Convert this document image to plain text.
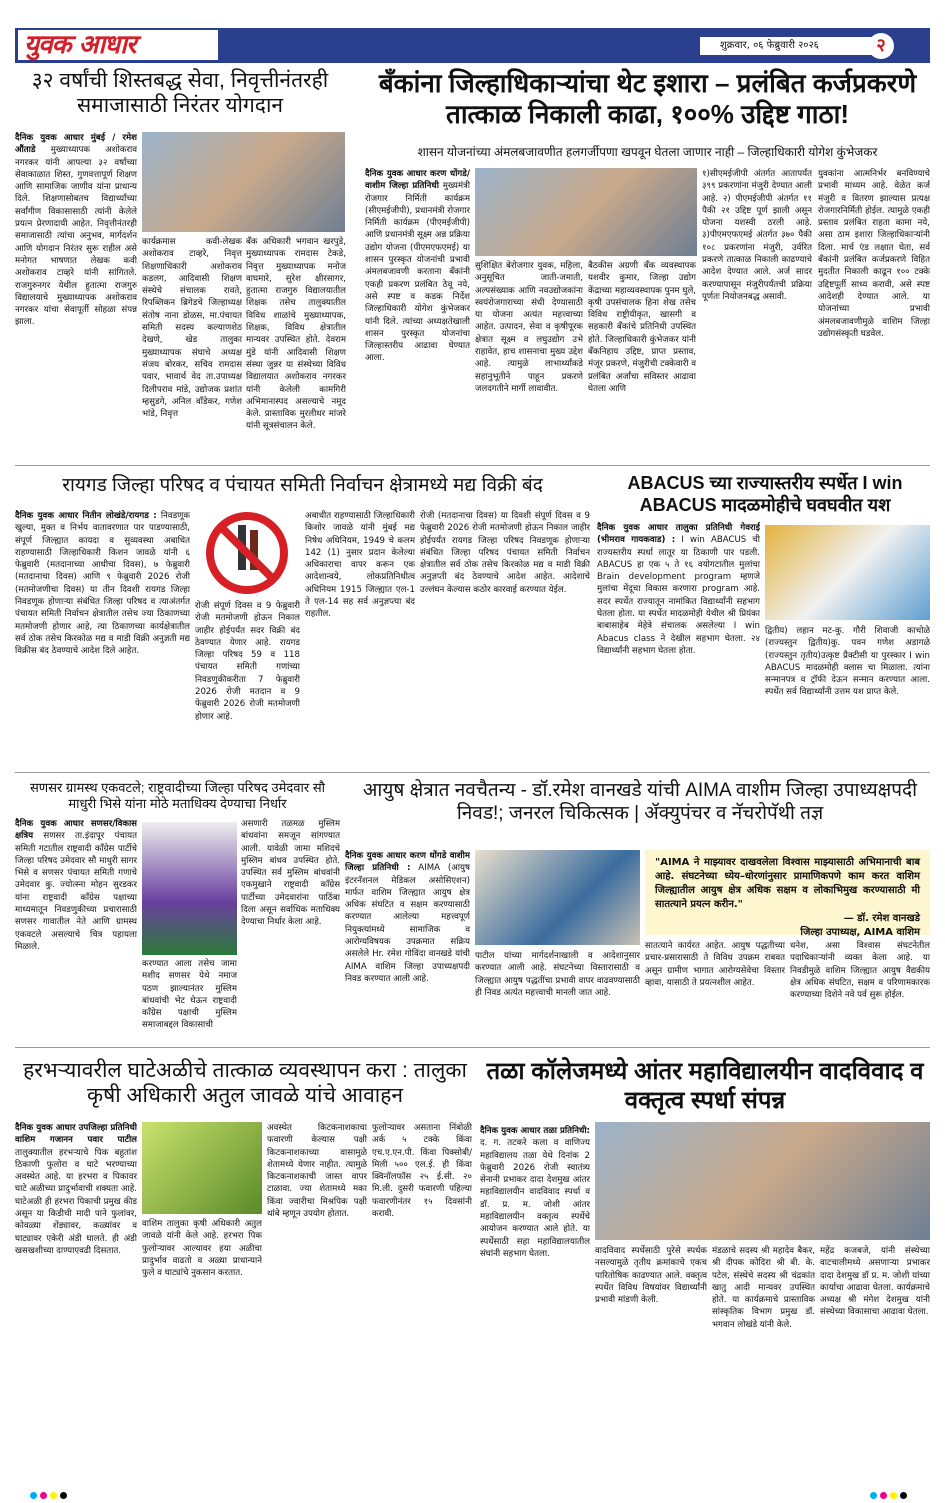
युवक आधार	शुक्रवार, ०६ फेब्रुवारी २०२६	२
३२ वर्षांची शिस्तबद्ध सेवा, निवृत्तीनंतरही समाजासाठी निरंतर योगदान
दैनिक युवक आधार मुंबई / रमेश औंताडे मुख्याध्यापक अशोकराव नगरकर यांनी आपल्या ३२ वर्षांच्या सेवाकाळात शिस्त, गुणवत्तापूर्ण शिक्षण आणि सामाजिक जाणीव यांना प्राधान्य दिले. शिक्षणासोबतच विद्यार्थ्यांच्या सर्वांगीण विकासासाठी त्यांनी केलेले प्रयत्न प्रेरणादायी आहेत. निवृत्तीनंतरही समाजासाठी त्यांचा अनुभव, मार्गदर्शन आणि योगदान निरंतर सुरू राहील असे मनोगत भाषणात लेखक कवी अशोकराव टाव्हरे यांनी सांगितले. राजगुरुनगर येथील हुतात्मा राजगुरु विद्यालयाचे मुख्याध्यापक अशोकराव नगरकर यांचा सेवापूर्ती सोहळा संपन्न झाला.
कार्यक्रमास कवी-लेखक अशोकराव टाव्हरे, निवृत्त शिक्षणाधिकारी अशोकराव कडलग, आदिवासी शिक्षण संस्थेचे संचालक रावते, रिपब्लिकन ब्रिगेडचे जिल्हाध्यक्ष संतोष नाना डोळस, मा.पंचायत समिती सदस्य कल्याणशेठ देखणे, खेड तालुका मुख्याध्यापक संघाचे अध्यक्ष संजय बोरकर, सचिव रामदास पवार, भावार्थ वेद ता.उपाध्यक्ष दिलीपराव मांडे, उद्योजक प्रशांत म्हसुडगे, अनिल वाँडेकर, गणेश भांडे, निवृत्त
बँक अधिकारी भगवान खरपुडे, मुख्याध्यापक रामदास टेकडे, निवृत्त मुख्याध्यापक मनोज वाघमारे, सुरेश क्षीरसागर, हुतात्मा राजगुरु विद्यालयातील शिक्षक तसेच तालुक्यातील विविध शाळांचे मुख्याध्यापक, शिक्षक, विविध क्षेत्रातील मान्यवर उपस्थित होते. देवराम मुंडे यांनी आदिवासी शिक्षण संस्था जुन्नर या संस्थेच्या विविध विद्यालयात अशोकराव नगरकर यांनी केलेली कामगिरी अभिमानास्पद असल्याचे नमूद केले. प्रास्ताविक मुरलीधर मांजरे यांनी सूत्रसंचालन केले.
बँकांना जिल्हाधिकाऱ्यांचा थेट इशारा – प्रलंबित कर्जप्रकरणे तात्काळ निकाली काढा, १००% उद्दिष्ट गाठा!
शासन योजनांच्या अंमलबजावणीत हलगर्जीपणा खपवून घेतला जाणार नाही – जिल्हाधिकारी योगेश कुंभेजकर
दैनिक युवक आधार करण धोंगडे/वाशीम जिल्हा प्रतिनिधी मुख्यमंत्री रोजगार निर्मिती कार्यक्रम (सीएमईजीपी), प्रधानमंत्री रोजगार निर्मिती कार्यक्रम (पीएमईजीपी) आणि प्रधानमंत्री सूक्ष्म अन्न प्रक्रिया उद्योग योजना (पीएमएफएमई) या शासन पुरस्कृत योजनांची प्रभावी अंमलबजावणी करताना बँकांनी एकही प्रकरण प्रलंबित ठेवू नये, असे स्पष्ट व कडक निर्देश जिल्हाधिकारी योगेश कुंभेजकर यांनी दिले. त्यांच्या अध्यक्षतेखाली शासन पुरस्कृत योजनांचा जिल्हास्तरीय आढावा घेण्यात आला.
सुशिक्षित बेरोजगार युवक, महिला, अनुसूचित जाती-जमाती, अल्पसंख्याक आणि नवउद्योजकांना स्वयंरोजगाराच्या संधी देण्यासाठी या योजना अत्यंत महत्त्वाच्या आहेत. उत्पादन, सेवा व कृषीपूरक क्षेत्रात सूक्ष्म व लघुउद्योग उभे राहावेत, हाच शासनाचा मुख्य उद्देश आहे. त्यामुळे लाभार्थ्यांकडे सहानुभूतीने पाहून प्रकरणे जलदगतीने मार्गी लावावीत.
बैठकीस अग्रणी बँक व्यवस्थापक यशवीर कुमार, जिल्हा उद्योग केंद्राच्या महाव्यवस्थापक पुनम घुले, कृषी उपसंचालक हिना शेख तसेच विविध राष्ट्रीयीकृत, खासगी व सहकारी बँकांचे प्रतिनिधी उपस्थित होते. जिल्हाधिकारी कुंभेजकर यांनी बँकनिहाय उद्दिष्ट, प्राप्त प्रस्ताव, मंजूर प्रकरणे, मंजुरीची टक्केवारी व प्रलंबित अर्जांचा सविस्तर आढावा घेतला आणि
१)सीएमईजीपी अंतर्गत आतापर्यंत ३९९ प्रकरणांना मंजुरी देण्यात आली आहे. २) पीएमईजीपी अंतर्गत ११ पैकी २१ उद्दिष्ट पूर्ण झाली असून योजना यशस्वी ठरली आहे. ३)पीएमएफएमई अंतर्गत ३७० पैकी १०८ प्रकरणांना मंजुरी, उर्वरित प्रकरणे तात्काळ निकाली काढण्याचे आदेश देण्यात आले. अर्ज सादर करण्यापासून मंजुरीपर्यंतची प्रक्रिया पूर्णतः नियोजनबद्ध असावी.
युवकांना आत्मनिर्भर बनविण्याचे प्रभावी माध्यम आहे. वेळेत कर्ज मंजुरी व वितरण झाल्यास प्रत्यक्ष रोजगारनिर्मिती होईल. त्यामुळे एकही प्रस्ताव प्रलंबित राहता कामा नये, असा ठाम इशारा जिल्हाधिकाऱ्यांनी दिला. मार्च एंड लक्षात घेता, सर्व बँकांनी प्रलंबित कर्जप्रकरणे विहित मुदतीत निकाली काढून १०० टक्के उद्दिष्टपूर्ती साध्य करावी, असे स्पष्ट आदेशही देण्यात आले. या योजनांच्या प्रभावी अंमलबजावणीमुळे वाशिम जिल्हा उद्योगसंस्कृती घडवेल.
रायगड जिल्हा परिषद व पंचायत समिती निर्वाचन क्षेत्रामध्ये मद्य विक्री बंद
दैनिक युवक आधार नितीन लोखंडे/रायगड : निवडणूक खुल्या, मुक्त व निर्भय वातावरणात पार पाडण्यासाठी, संपूर्ण जिल्ह्यात कायदा व सुव्यवस्था अबाधित राहण्यासाठी जिल्हाधिकारी किशन जावळे यांनी ६ फेब्रुवारी (मतदानाच्या आधीचा दिवस), ७ फेब्रुवारी (मतदानाचा दिवस) आणि ९ फेब्रुवारी 2026 रोजी (मतमोजणीचा दिवस) या तीन दिवशी रायगड जिल्हा निवडणूक होणाऱ्या संबंधित जिल्हा परिषद व त्याअंतर्गत पंचायत समिती निर्वाचन क्षेत्रातील तसेच ज्या ठिकाणच्या मतमोजणी होणार आहे, त्या ठिकाणच्या कार्यक्षेत्रातील सर्व ठोक तसेच किरकोळ मद्य व माडी विक्री अनुज्ञती मद्य विक्रीस बंद ठेवण्याचे आदेश दिले आहेत.
रोजी संपूर्ण दिवस व 9 फेब्रुवारी रोजी मतमोजणी होऊन निकाल जाहीर होईपर्यंत सदर विक्री बंद ठेवण्यात येणार आहे. रायगड जिल्हा परिषद 59 व 118 पंचायत समिती गणांच्या निवडणुकीकरीता 7 फेब्रुवारी 2026 रोजी मतदान व 9 फेब्रुवारी 2026 रोजी मतमोजणी होणार आहे.
अबाधीत राहण्यासाठी जिल्हाधिकारी किशोर जावळे यांनी मुंबई मद्य निषेध अधिनियम, 1949 चे कलम 142 (1) नुसार प्रदान केलेल्या अधिकाराचा वापर करून एक आदेशान्वये, लोकप्रतिनिधीत्व अधिनियम 1915 जिल्ह्यात एल-1 ते एल-14 सह सर्व अनुज्ञप्त्या बंद राहतील.
रोजी (मतदानाचा दिवस) या दिवशी संपूर्ण दिवस व 9 फेब्रुवारी 2026 रोजी मतमोजणी होऊन निकाल जाहीर होईपर्यंत रायगड जिल्हा परिषद निवडणूक होणाऱ्या संबंधित जिल्हा परिषद पंचायत समिती निर्वाचन क्षेत्रातील सर्व ठोक तसेच किरकोळ मद्य व माडी विक्री अनुज्ञप्ती बंद ठेवण्याचे आदेश आहेत. आदेशाचे उल्लंघन केल्यास कठोर कारवाई करण्यात येईल.
ABACUS च्या राज्यास्तरीय स्पर्धेत I win ABACUS मादळमोहीचे घवघवीत यश
दैनिक युवक आधार तालुका प्रतिनिधी गेवराई (भीमराव गायकवाड) : I win ABACUS ची राज्यस्तरीय स्पर्धा लातूर या ठिकाणी पार पडली. ABACUS हा एक ५ ते १६ वयोगटातील मुलांचा Brain development program म्हणजे मुलांचा मेंदूचा विकास करणारा program आहे. सदर स्पर्धेत राज्यातून नामांकित विद्यार्थ्यांनी सहभाग घेतला होता. या स्पर्धेत मादळमोही येथील श्री प्रियंका बाबासाहेब मेहेत्रे संचालक असलेल्या I win Abacus class ने देखील सहभाग घेतला. २४ विद्यार्थ्यांनी सहभाग घेतला होता.
द्वितीय) लहान मट-कु. गौरी शिवाजी काचोळे (राज्यस्तुन द्वितीय)कु. पवन गणेश अडागळे (राज्यस्तुन तृतीय)उत्कृष्ट प्रैक्टीसी या पुरस्कार I win ABACUS मादळमोही क्लास चा मिळाला. त्यांना सन्मानपत्र व ट्रॉफी देऊन सन्मान करण्यात आला. स्पर्धेत सर्व विद्यार्थ्यांनी उत्तम यश प्राप्त केले.
सणसर ग्रामस्थ एकवटले; राष्ट्रवादीच्या जिल्हा परिषद उमेदवार सौ माधुरी भिसे यांना मोठे मताधिक्य देण्याचा निर्धार
दैनिक युवक आधार सणसर/विकास क्षत्रिय सणसर ता.इंदापूर पंचायत समिती गटातील राष्ट्रवादी काँग्रेस पार्टीचे जिल्हा परिषद उमेदवार सौ माधुरी सागर भिसे व सणसर पंचायत समिती गणाचे उमेदवार कु. ज्योत्स्ना मोहन सुरडकर यांना राष्ट्रवादी काँग्रेस पक्षाच्या माध्यमातून निवडणुकीच्या प्रचारासाठी सणसर गावातील नेते आणि ग्रामस्थ एकवटले असल्याचे चित्र पहायला मिळाले.
करण्यात आला तसेच जामा मशीद सणसर येथे नमाज पठण झाल्यानंतर मुस्लिम बांधवांची भेट घेऊन राष्ट्रवादी काँग्रेस पक्षाची मुस्लिम समाजाबद्दल विकासाची
असणारी तळमळ मुस्लिम बांधवांना समजून सांगण्यात आली. यावेळी जामा मशिदचे मुस्लिम बांधव उपस्थित होते. उपस्थित सर्व मुस्लिम बांधवांनी एकमुखाने राष्ट्रवादी काँग्रेस पार्टीच्या उमेदवारांना पाठिंबा दिला असून सर्वाधिक मताधिक्य देण्याचा निर्धार केला आहे.
आयुष क्षेत्रात नवचैतन्य - डॉ.रमेश वानखडे यांची AIMA वाशीम जिल्हा उपाध्यक्षपदी निवड!; जनरल चिकित्सक | ॲक्युपंचर व नॅचरोपॅथी तज्ञ
दैनिक युवक आधार करण धोंगडे वाशीम जिल्हा प्रतिनिधी : AIMA (आयुष इंटरनॅशनल मेडिकल असोसिएशन) मार्फत वाशिम जिल्ह्यात आयुष क्षेत्र अधिक संघटित व सक्षम करण्यासाठी करण्यात आलेल्या महत्त्वपूर्ण नियुक्त्यांमध्ये सामाजिक व आरोग्यविषयक उपक्रमात सक्रिय असलेले Hr. रमेश गोविंदा वानखडे यांची AIMA वाशिम जिल्हा उपाध्यक्षपदी निवड करण्यात आली आहे.
"AIMA ने माझ्यावर दाखवलेला विश्वास माझ्यासाठी अभिमानाची बाब आहे. संघटनेच्या ध्येय–धोरणांनुसार प्रामाणिकपणे काम करत वाशिम जिल्ह्यातील आयुष क्षेत्र अधिक सक्षम व लोकाभिमुख करण्यासाठी मी सातत्याने प्रयत्न करीन."
— डॉ. रमेश वानखडे
जिल्हा उपाध्यक्ष, AIMA वाशिम
पाटील यांच्या मार्गदर्शनाखाली व आदेशानुसार करण्यात आली आहे. संघटनेच्या विस्तारासाठी व जिल्ह्यात आयुष पद्धतींचा प्रभावी वापर वाढवण्यासाठी ही निवड अत्यंत महत्त्वाची मानली जात आहे.
सातत्याने कार्यरत आहेत. आयुष पद्धतीच्या प्रचार-प्रसारासाठी ते विविध उपक्रम राबवत असून ग्रामीण भागात आरोग्यसेवेचा विस्तार व्हावा, यासाठी ते प्रयत्नशील आहेत.
धनेश, असा विश्वास संघटनेतील पदाधिकाऱ्यांनी व्यक्त केला आहे. या निवडीमुळे वाशिम जिल्ह्यात आयुष वैद्यकीय क्षेत्र अधिक संघटित, सक्षम व परिणामकारक करण्याच्या दिशेने नवे पर्व सुरू होईल.
हरभऱ्यावरील घाटेअळीचे तात्काळ व्यवस्थापन करा : तालुका कृषी अधिकारी अतुल जावळे यांचे आवाहन
दैनिक युवक आधार उपजिल्हा प्रतिनिधी वाशिम गजानन पवार पाटील तालुक्यातील हरभऱ्याचे पिक बहुतांश ठिकाणी फुलोरा व घाटे भरण्याच्या अवस्थेत आहे. या हरभरा व पिकावर घाटे अळीच्या प्रादुर्भावाची शक्यता आहे. घाटेअळी ही हरभरा पिकाची प्रमुख कीड असून या किडीची मादी पाने फुलांवर, कोवळ्या शेंड्यावर, कळ्यांवर व घाट्यावर एकेरी अंडी घालते. ही अंडी खसखशीच्या दाण्याएवढी दिसतात.
वाशिम तालुका कृषी अधिकारी अतुल जावळे यांनी केले आहे. हरभरा पिक फुलोऱ्यावर आल्यावर हया अळीचा प्रादुर्भाव वाढतो व अळ्या प्राधान्याने फुले व घाट्यांचे नुकसान करतात.
अवस्थेत किटकनाशकाचा फवारणी केल्यास पक्षी किटकनाशकाच्या वासामुळे शेतामध्ये येणार नाहीत. त्यामुळे किटकनाशकाची जास्त वापर टाळावा. ज्या शेतामध्ये मका किंवा ज्वारीचा मिश्रपिक पक्षी थांबे म्हणून उपयोग होतात.
फुलोऱ्यावर असताना निंबोळी अर्क ५ टक्के किंवा एच.ए.एन.पी. किंवा पिक्सोबी/मिली ५०० एल.ई. ही किंवा क्विनॉलफॉस २५ ई.सी. २० मि.ली. दुसरी फवारणी पहिल्या फवारणीनंतर १५ दिवसांनी करावी.
तळा कॉलेजमध्ये आंतर महाविद्यालयीन वादविवाद व वक्तृत्व स्पर्धा संपन्न
दैनिक युवक आधार तळा प्रतिनिधी: द. ग. तटकरे कला व वाणिज्य महाविद्यालय तळा येथे दिनांक 2 फेब्रुवारी 2026 रोजी स्वातंत्र्य सेनानी प्रभाकर दादा देशमुख आंतर महाविद्यालयीन वादविवाद स्पर्धा व डॉ. प्र. म. जोशी आंतर महाविद्यालयीन वक्तृत्व स्पर्धेचे आयोजन करण्यात आले होते. या स्पर्धेसाठी सहा महाविद्यालयातील संघांनी सहभाग घेतला.	वादविवाद स्पर्धेसाठी पुरेसे स्पर्धक नसल्यामुळे तृतीय क्रमांकाचे एकच पारितोषिक काढण्यात आले. वक्तृत्व स्पर्धेत विविध विषयांवर विद्यार्थ्यांनी प्रभावी मांडणी केली.
मंडळाचे सदस्य श्री महादेव बैकर, श्री दीपक कोदिरा श्री बी. के. पटेल, संस्थेचे सदस्य श्री चंद्रकांत खातु आदी मान्यवर उपस्थित होते. या कार्यक्रमाचे प्रास्ताविक सांस्कृतिक विभाग प्रमुख डॉ. भगवान लोखंडे यांनी केले.
महेंद्र कजबजे, यांनी संस्थेच्या वाटचालीमध्ये असणाऱ्या प्रभाकर दादा देशमुख डॉ प्र. म. जोशी यांच्या कार्याचा आढावा घेतला. कार्यक्रमाचे अध्यक्ष श्री मंगेश देशमुख यांनी संस्थेच्या विकासाचा आढावा घेतला.
